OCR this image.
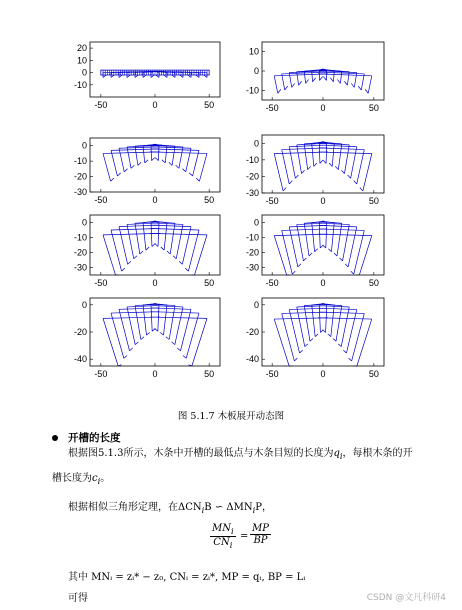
20
10
0
-10
-50	0	50
10
0
-10
-50	0	50
0
-10
-20
-30
-50	0	50
0
-10
-20
-30
-50	0	50
0
-10
-20
-30
-50	0	50
0
-10
-20
-30
-50	0	50
0
-20
-40
-50	0	50
0
-20
-40
-50	0	50
图 5.1.7 木板展开动态图
开槽的长度
根据图5.1.3所示，木条中开槽的最低点与木条目短的长度为$q_i$，每根木条的开
槽长度为$c_i$。
根据相似三角形定理，在$\Delta CN_iB$ ∽ $\Delta MN_iP$，
$MN_i$
$CN_i$
= $\frac{MP}{BP}$
其中 MNᵢ = zᵢ* − z₀, CNᵢ = zᵢ*, MP = qᵢ, BP = Lᵢ
可得	CSDN @文凡科研4
